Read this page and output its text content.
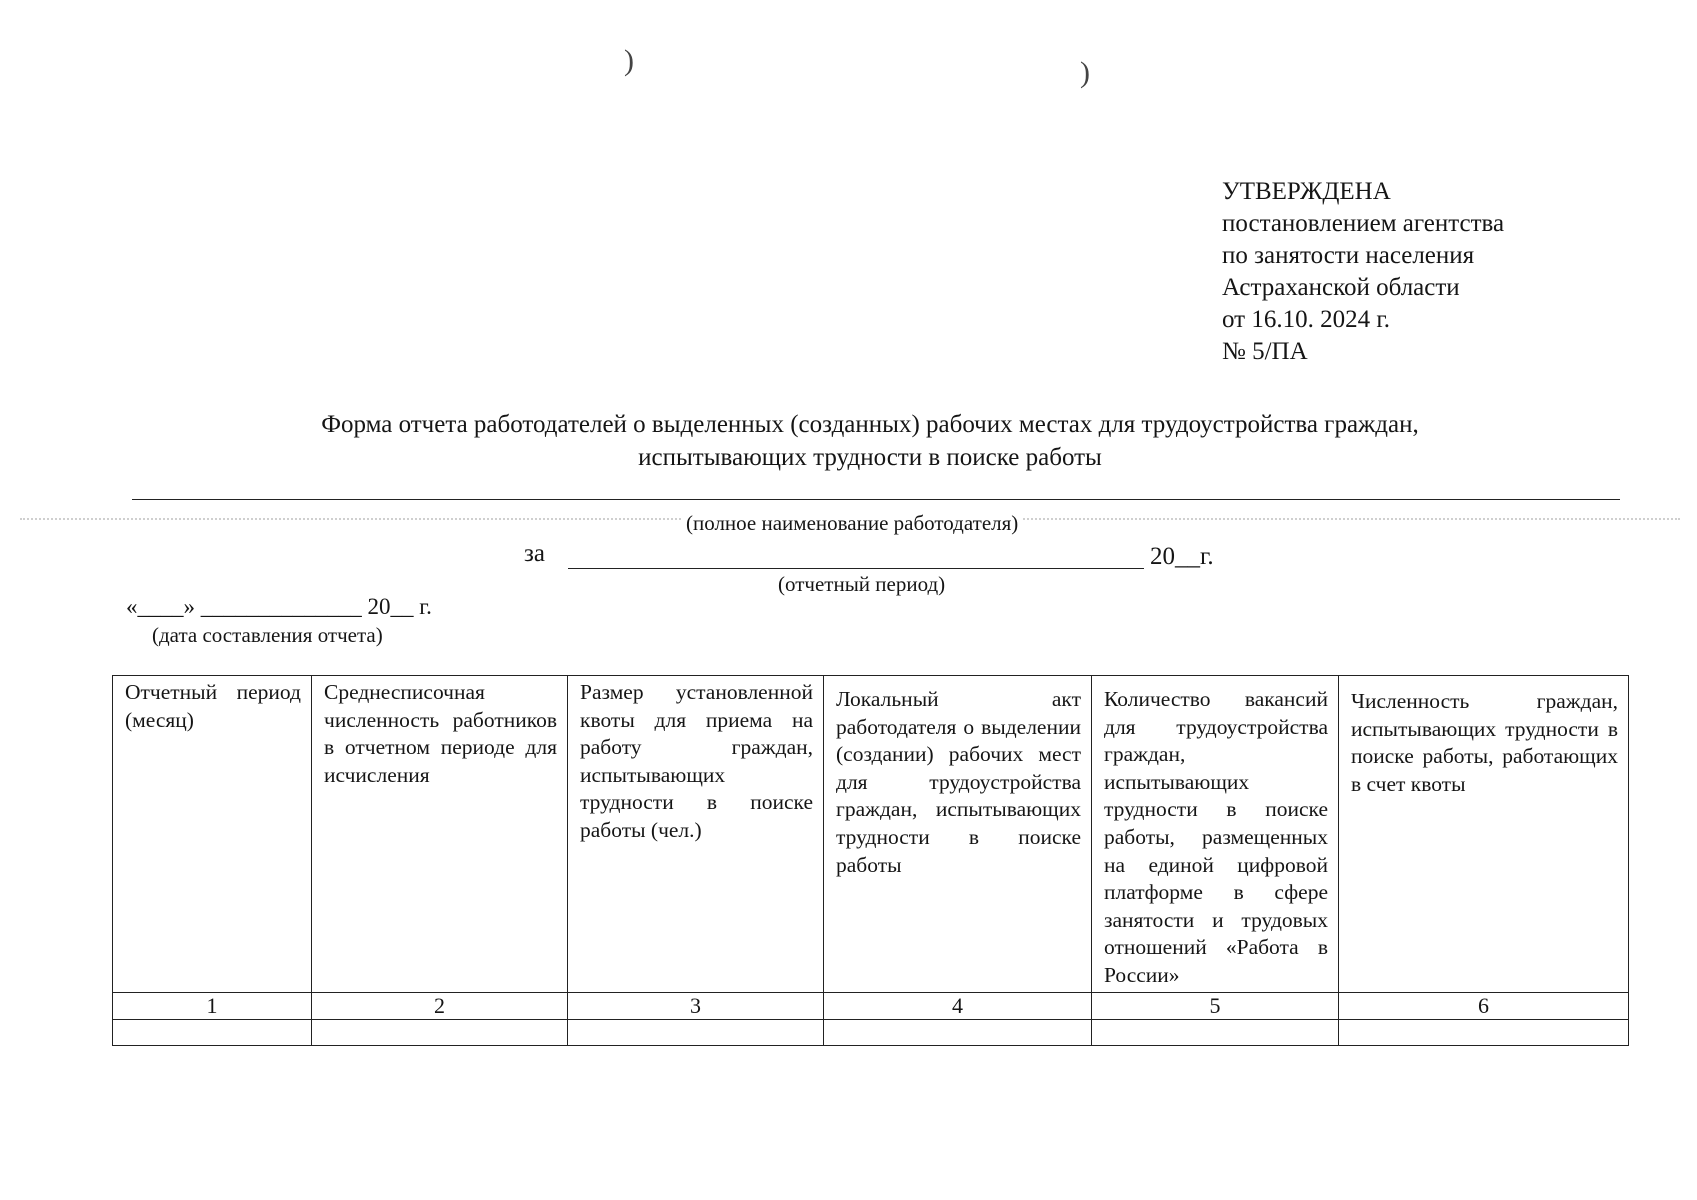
)	)
УТВЕРЖДЕНА
постановлением агентства
по занятости населения
Астраханской области
от 16.10. 2024 г.
№ 5/ПА
Форма отчета работодателей о выделенных (созданных) рабочих местах для трудоустройства граждан,
испытывающих трудности в поиске работы
(полное наименование работодателя)
за	20__г.
(отчетный период)
«____» ______________ 20__ г.
(дата составления отчета)
Отчетный период (месяц)	Среднесписочная численность работников в отчетном периоде для исчисления	Размер установленной квоты для приема на работу граждан, испытывающих трудности в поиске работы (чел.)	Локальный акт работодателя о выделении (создании) рабочих мест для трудоустройства граждан, испытывающих трудности в поиске работы	Количество вакансий для трудоустройства граждан, испытывающих трудности в поиске работы, размещенных на единой цифровой платформе в сфере занятости и трудовых отношений «Работа в России»	Численность граждан, испытывающих трудности в поиске работы, работающих в счет квоты

1	2	3	4	5	6
